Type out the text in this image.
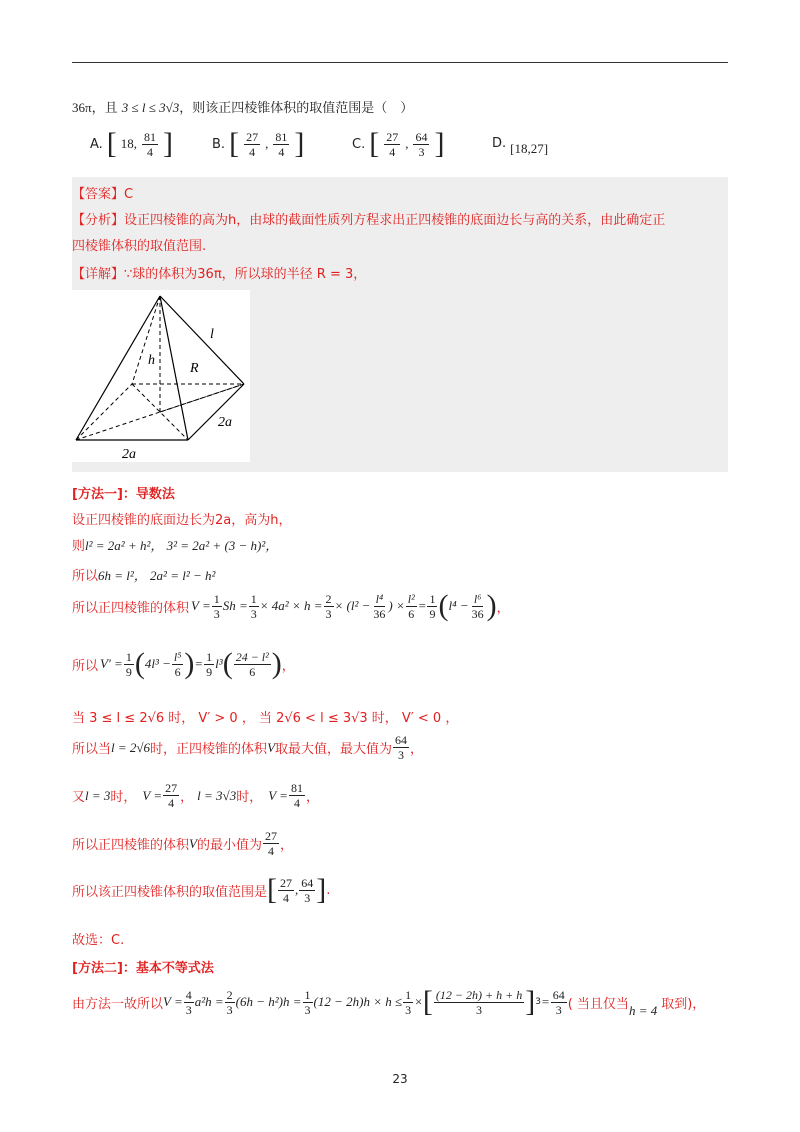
36π，且 3 ≤ l ≤ 3√3，则该正四棱锥体积的取值范围是（　）
A. [ 18, $\frac{81}{4}$ ]	B. [ $\frac{27}{4}$ , $\frac{81}{4}$ ]	C. [ $\frac{27}{4}$ , $\frac{64}{3}$ ]	D. [18,27]
【答案】C
【分析】设正四棱锥的高为h，由球的截面性质列方程求出正四棱锥的底面边长与高的关系，由此确定正
四棱锥体积的取值范围.
【详解】∵球的体积为36π，所以球的半径 R = 3，
l
h
R
2a
2a
[方法一]：导数法
设正四棱锥的底面边长为2a，高为h，
则l² = 2a² + h²， 3² = 2a² + (3 − h)²，
所以6h = l²， 2a² = l² − h²
所以正四棱锥的体积 $V = \frac{1}{3}$ $Sh = \frac{1}{3} \times 4a^2 \times h = \frac{2}{3} \times (l^2 - \frac{\text{l⁴}}{36}$ ) × $\frac{\text{l²}}{6} = \frac{1}{9}$ ( $l^4 - \frac{\text{l⁶}}{36}$ ) ，
所以 $V' = \frac{1}{9}$ ( $4l^3 - \frac{\text{l⁵}}{6}$ ) = $\frac{1}{9} l^3$ ( $\frac{\text{24 − l²}}{6}$ ) ，
当 3 ≤ l ≤ 2√6 时， V′ > 0 ， 当 2√6 < l ≤ 3√3 时， V′ < 0 ，
所以当 l = 2√6 时，正四棱锥的体积 V 取最大值，最大值为 $\frac{64}{3}$ ，
又 l = 3 时， $V = \frac{27}{4}$ ， l = 3√3 时， $V = \frac{81}{4}$ ，
所以正四棱锥的体积 V 的最小值为 $\frac{27}{4}$ ，
所以该正四棱锥体积的取值范围是 [ $\frac{27}{4}$ , $\frac{64}{3}$ ] .
故选：C.
[方法二]：基本不等式法
由方法一故所以 $V = \frac{4}{3} a^2h = \frac{2}{3} (6h - h^2)h = \frac{1}{3} (12 - 2h)h \times h \le \frac{1}{3}$ × [ $\frac{(12 - 2h) + h + h}{3}$ ] $3 = \frac{64}{3}$ ( 当且仅当 h = 4 取到 )，
23
